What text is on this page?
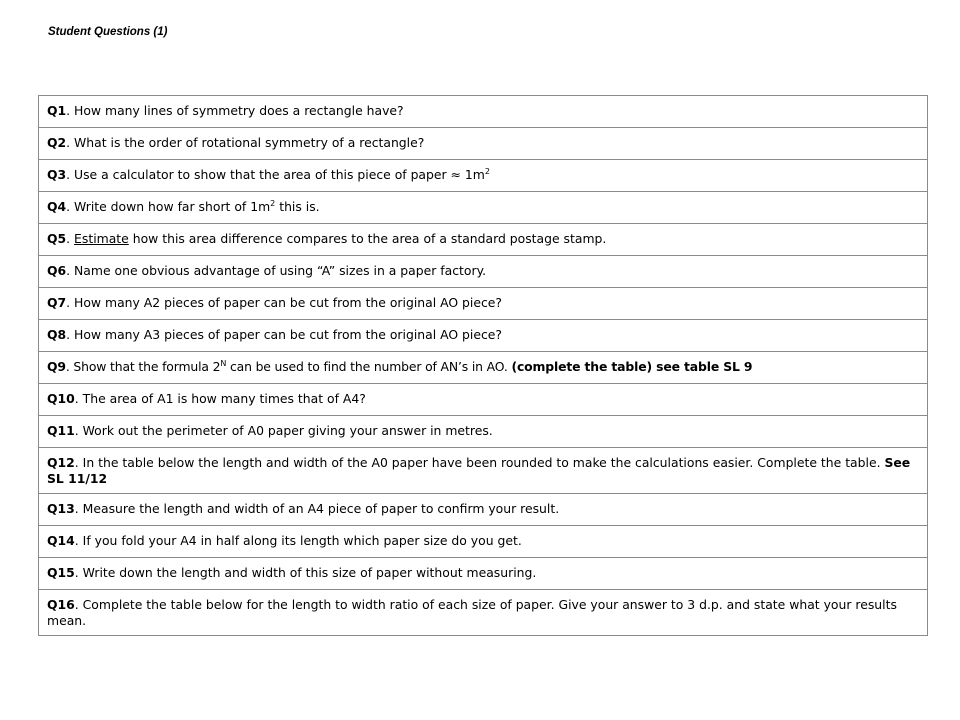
Student Questions (1)
Q1. How many lines of symmetry does a rectangle have?
Q2. What is the order of rotational symmetry of a rectangle?
Q3. Use a calculator to show that the area of this piece of paper ≈ $1m^2$
Q4. Write down how far short of $1m^2$ this is.
Q5. Estimate how this area difference compares to the area of a standard postage stamp.
Q6. Name one obvious advantage of using “A” sizes in a paper factory.
Q7. How many A2 pieces of paper can be cut from the original AO piece?
Q8. How many A3 pieces of paper can be cut from the original AO piece?
Q9. Show that the formula $2^N$ can be used to find the number of AN’s in AO. (complete the table) see table SL 9
Q10. The area of A1 is how many times that of A4?
Q11. Work out the perimeter of A0 paper giving your answer in metres.
Q12. In the table below the length and width of the A0 paper have been rounded to make the calculations easier. Complete the table. See SL 11/12
Q13. Measure the length and width of an A4 piece of paper to confirm your result.
Q14. If you fold your A4 in half along its length which paper size do you get.
Q15. Write down the length and width of this size of paper without measuring.
Q16. Complete the table below for the length to width ratio of each size of paper. Give your answer to 3 d.p. and state what your results mean.
